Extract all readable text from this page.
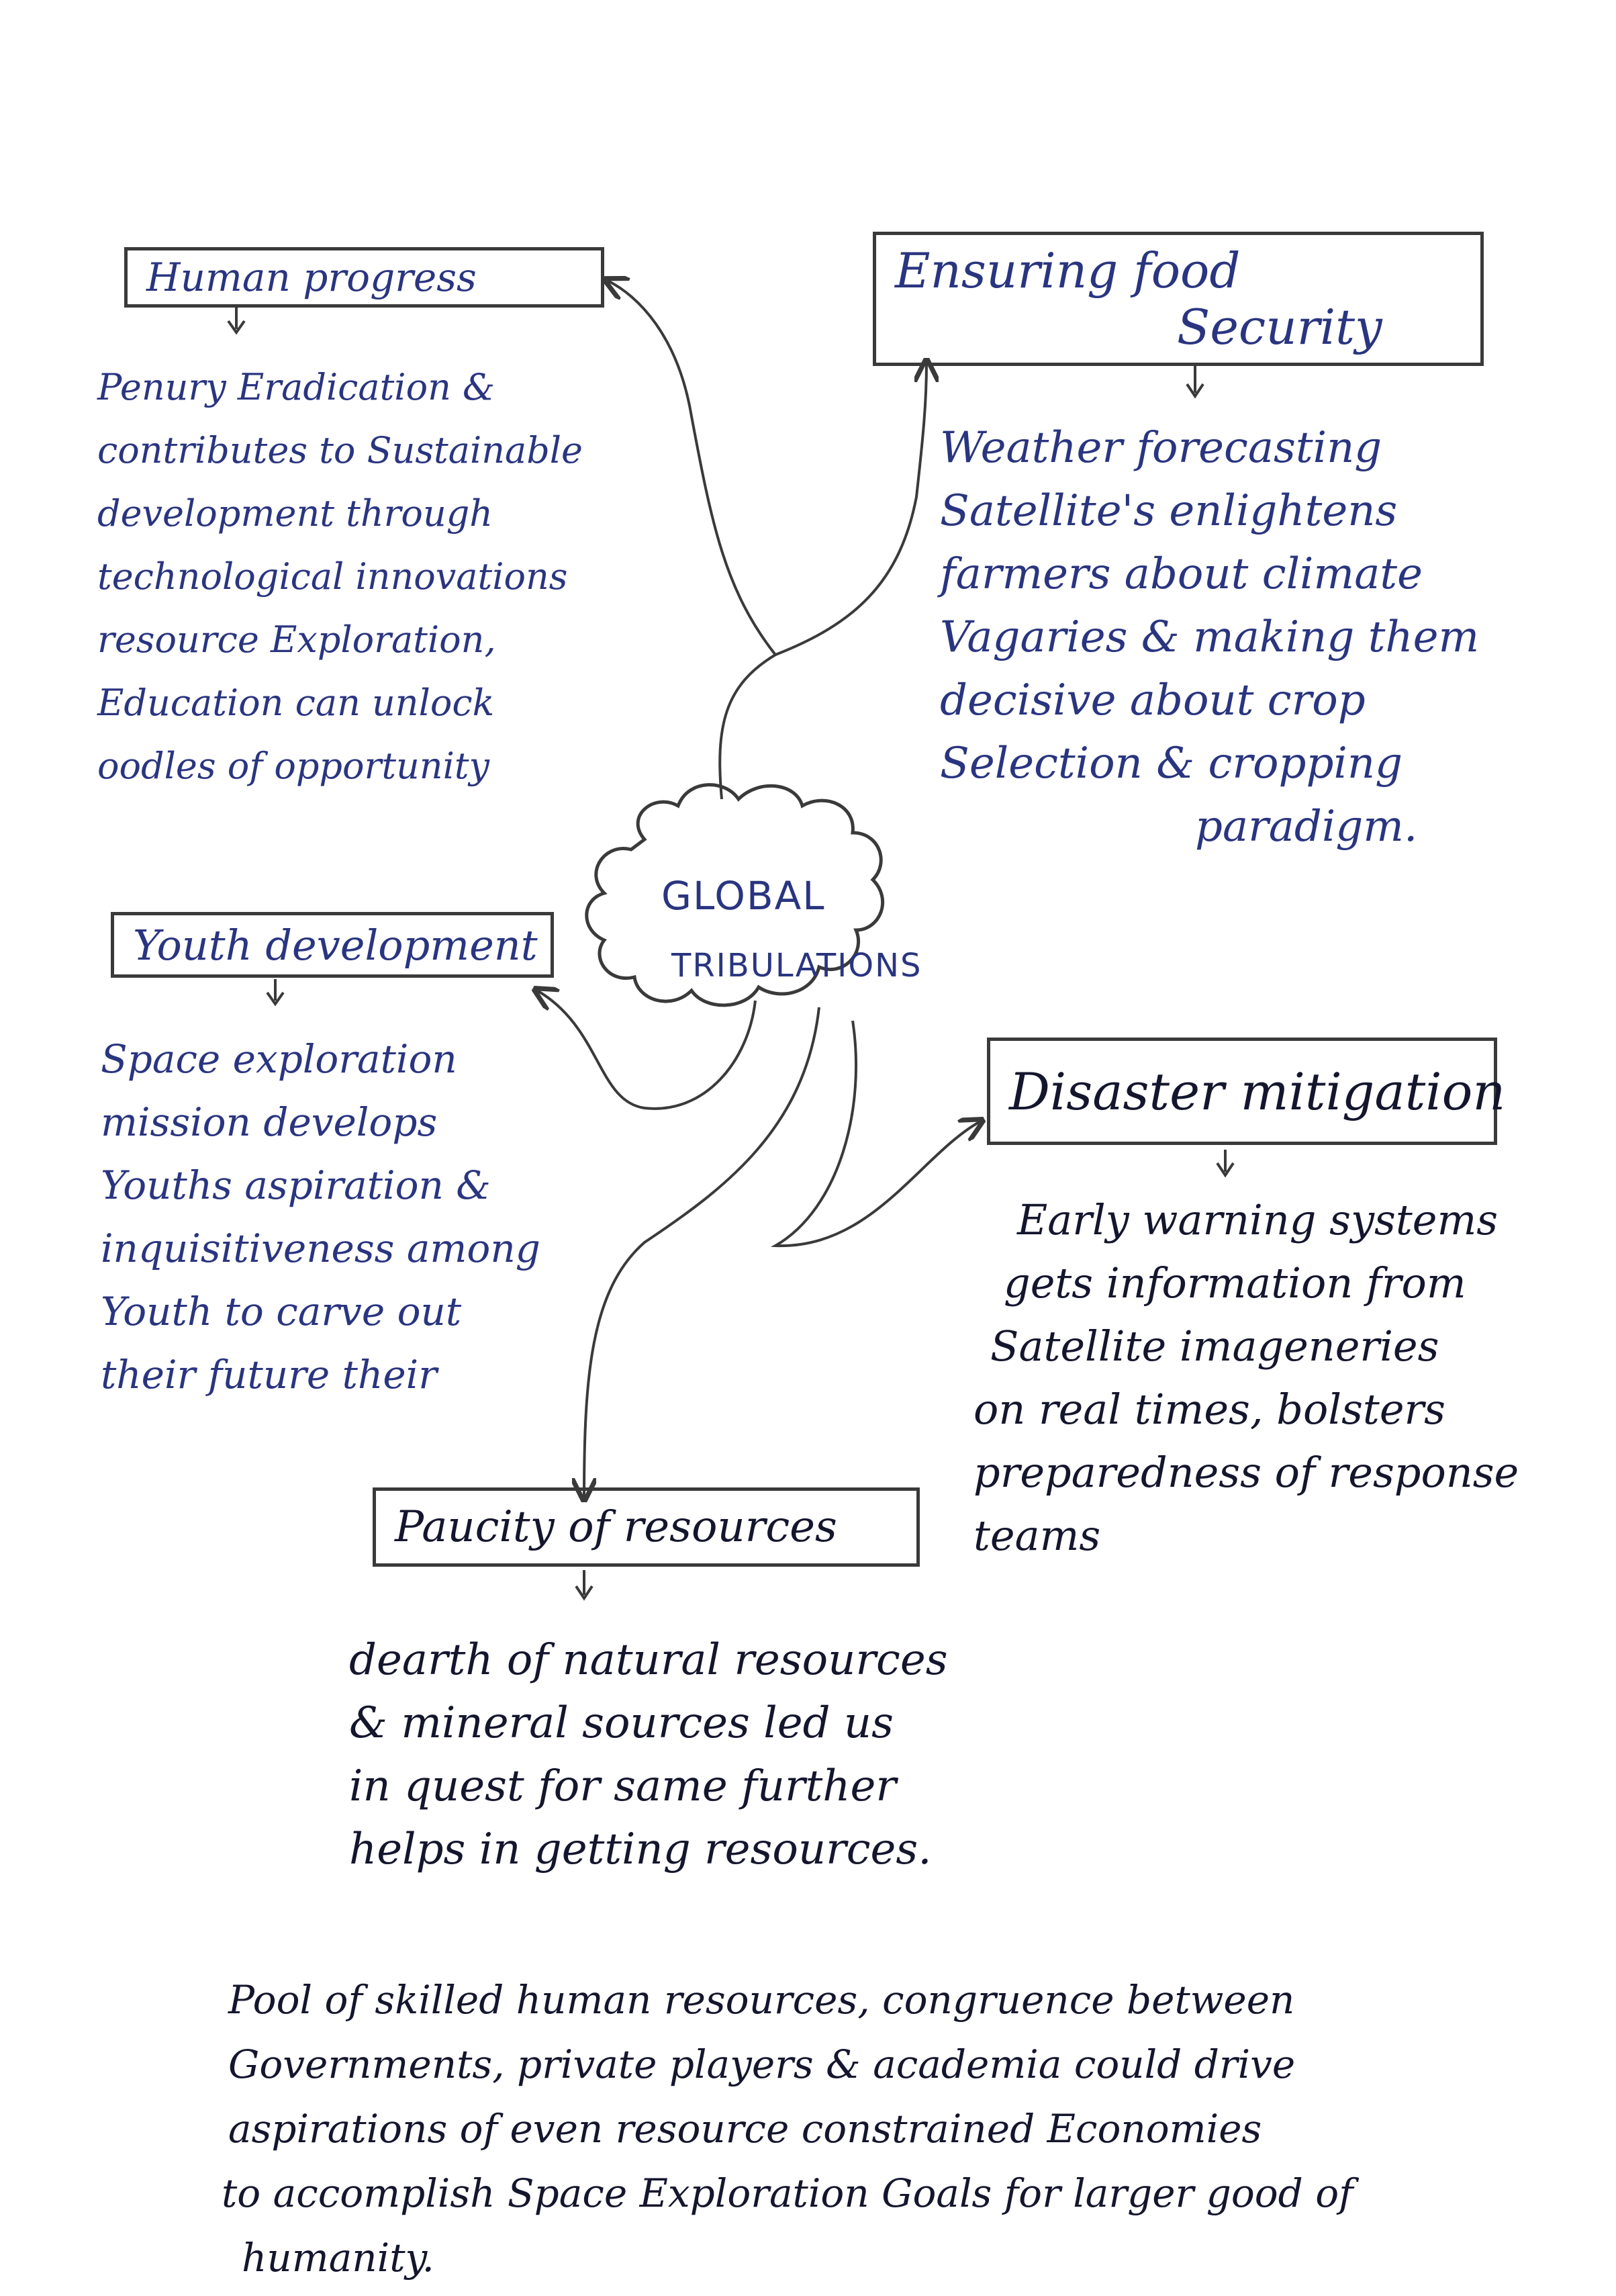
GLOBAL
TRIBULATIONS
Human progress
Penury Eradication &
contributes to Sustainable
development through
technological innovations
resource Exploration,
Education can unlock
oodles of opportunity
Ensuring food
Security
Weather forecasting
Satellite's enlightens
farmers about climate
Vagaries & making them
decisive about crop
Selection & cropping
paradigm.
Youth development
Space exploration
mission develops
Youths aspiration &
inquisitiveness among
Youth to carve out
their future their
Disaster mitigation
Early warning systems
gets information from
Satellite imageneries
on real times, bolsters
preparedness of response
teams
Paucity of resources
dearth of natural resources
& mineral sources led us
in quest for same further
helps in getting resources.
Pool of skilled human resources, congruence between
Governments, private players & academia could drive
aspirations of even resource constrained Economies
to accomplish Space Exploration Goals for larger good of
humanity.
